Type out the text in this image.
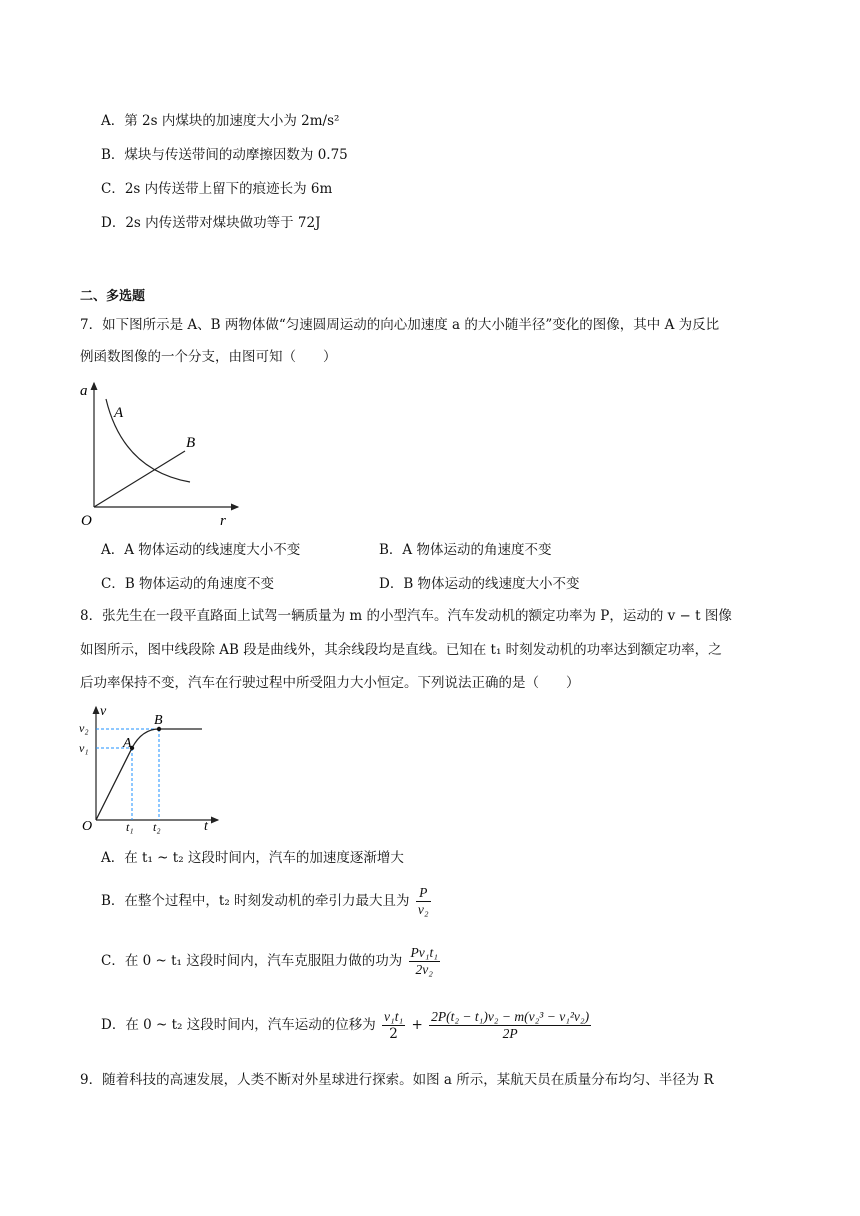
A．第 2s 内煤块的加速度大小为 2m/s²
B．煤块与传送带间的动摩擦因数为 0.75
C．2s 内传送带上留下的痕迹长为 6m
D．2s 内传送带对煤块做功等于 72J
二、多选题
7．如下图所示是 A、B 两物体做“匀速圆周运动的向心加速度 a 的大小随半径”变化的图像，其中 A 为反比
例函数图像的一个分支，由图可知（　　）
a
r
O
A
B
A．A 物体运动的线速度大小不变	B．A 物体运动的角速度不变
C．B 物体运动的角速度不变	D．B 物体运动的线速度大小不变
8．张先生在一段平直路面上试驾一辆质量为 m 的小型汽车。汽车发动机的额定功率为 P，运动的 v − t 图像
如图所示，图中线段除 AB 段是曲线外，其余线段均是直线。已知在 t₁ 时刻发动机的功率达到额定功率，之
后功率保持不变，汽车在行驶过程中所受阻力大小恒定。下列说法正确的是（　　）
v
t
O
v₂
v₁
t₁ t₂
A
B
A．在 t₁ ~ t₂ 这段时间内，汽车的加速度逐渐增大
B．在整个过程中，t₂ 时刻发动机的牵引力最大且为 $\frac{P}{\text{v₂}}$
C．在 0 ~ t₁ 这段时间内，汽车克服阻力做的功为 $\frac{\text{Pv₁t₁}}{\text{2v₂}}$
D．在 0 ~ t₂ 这段时间内，汽车运动的位移为 $\frac{\text{v₁t₁}}{2} + \frac{\text{2P(t₂ − t₁)v₂ − m(v₂³ − v₁²v₂)}}{2P}$
9．随着科技的高速发展，人类不断对外星球进行探索。如图 a 所示，某航天员在质量分布均匀、半径为 R
